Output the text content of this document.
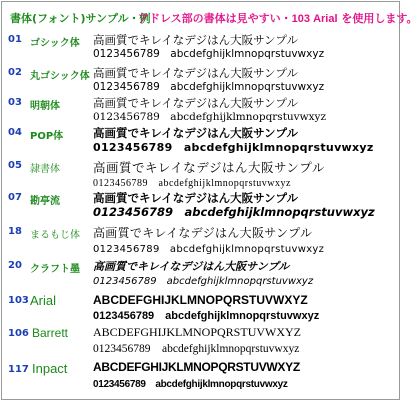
書体(フォント)サンプル・例
アドレス部の書体は見やすい・103 Arial を使用します。
01 ゴシック体 高画質でキレイなデジはん大阪サンプル
0123456789　abcdefghijklmnopqrstuvwxyz
02 丸ゴシック体 高画質でキレイなデジはん大阪サンプル
0123456789　abcdefghijklmnopqrstuvwxyz
03 明朝体	高画質でキレイなデジはん大阪サンプル
0123456789　abcdefghijklmnopqrstuvwxyz
04 POP体	高画質でキレイなデジはん大阪サンプル
0123456789　abcdefghijklmnopqrstuvwxyz
05 隷書体	高画質でキレイなデジはん大阪サンプル
0123456789　abcdefghijklmnopqrstuvwxyz
07 勘亭流	高画質でキレイなデジはん大阪サンプル
0123456789　abcdefghijklmnopqrstuvwxyz
18 まるもじ体 高画質でキレイなデジはん大阪サンプル
0123456789　abcdefghijklmnopqrstuvwxyz
20 クラフト墨 高画質でキレイなデジはん大阪サンプル
0123456789　abcdefghijklmnopqrstuvwxyz
103 Arial	ABCDEFGHIJKLMNOPQRSTUVWXYZ
0123456789　abcdefghijklmnopqrstuvwxyz
106 Barrett ABCDEFGHIJKLMNOPQRSTUVWXYZ
0123456789　abcdefghijklmnopqrstuvwxyz
117 Inpact ABCDEFGHIJKLMNOPQRSTUVWXYZ
0123456789　abcdefghijklmnopqrstuvwxyz
